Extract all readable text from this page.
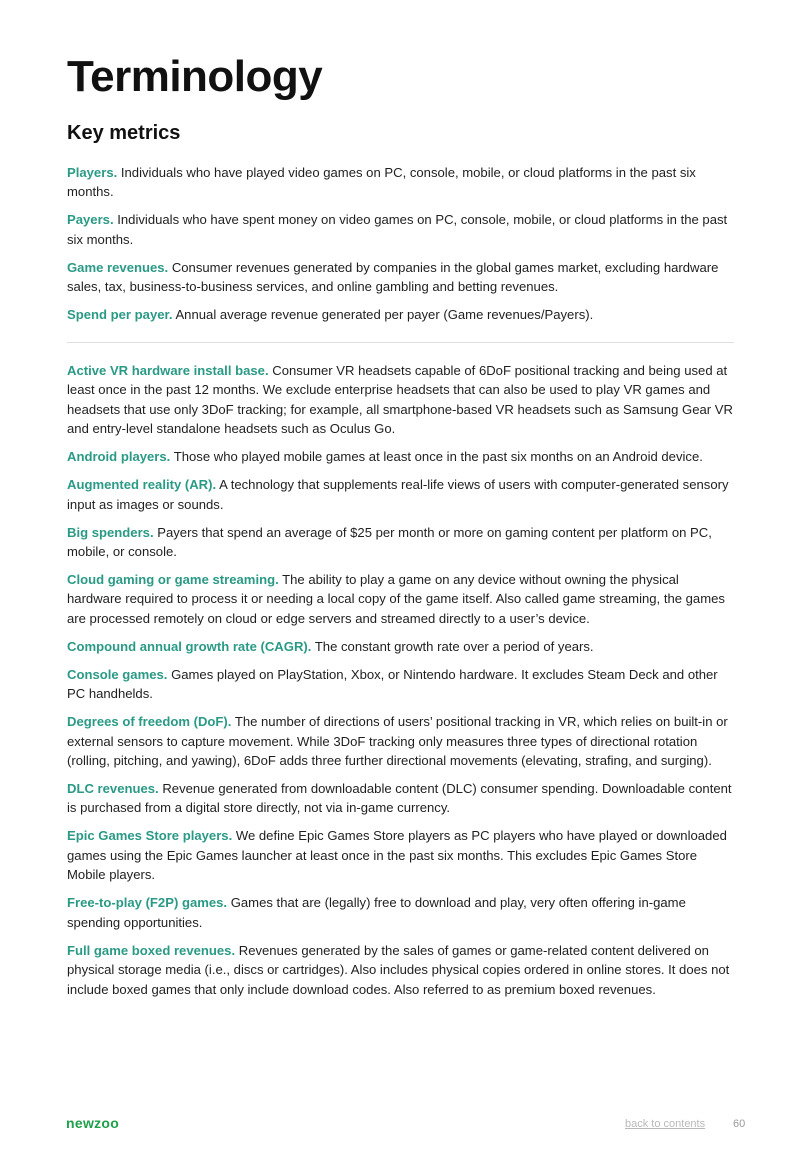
Terminology
Key metrics

Players. Individuals who have played video games on PC, console, mobile, or cloud platforms in the past six months.

Payers. Individuals who have spent money on video games on PC, console, mobile, or cloud platforms in the past six months.

Game revenues. Consumer revenues generated by companies in the global games market, excluding hardware sales, tax, business-to-business services, and online gambling and betting revenues.

Spend per payer. Annual average revenue generated per payer (Game revenues/Payers).

Active VR hardware install base. Consumer VR headsets capable of 6DoF positional tracking and being used at least once in the past 12 months. We exclude enterprise headsets that can also be used to play VR games and headsets that use only 3DoF tracking; for example, all smartphone-based VR headsets such as Samsung Gear VR and entry-level standalone headsets such as Oculus Go.

Android players. Those who played mobile games at least once in the past six months on an Android device.

Augmented reality (AR). A technology that supplements real-life views of users with computer-generated sensory input as images or sounds.

Big spenders. Payers that spend an average of $25 per month or more on gaming content per platform on PC, mobile, or console.

Cloud gaming or game streaming. The ability to play a game on any device without owning the physical hardware required to process it or needing a local copy of the game itself. Also called game streaming, the games are processed remotely on cloud or edge servers and streamed directly to a user’s device.

Compound annual growth rate (CAGR). The constant growth rate over a period of years.

Console games. Games played on PlayStation, Xbox, or Nintendo hardware. It excludes Steam Deck and other PC handhelds.

Degrees of freedom (DoF). The number of directions of users’ positional tracking in VR, which relies on built-in or external sensors to capture movement. While 3DoF tracking only measures three types of directional rotation (rolling, pitching, and yawing), 6DoF adds three further directional movements (elevating, strafing, and surging).

DLC revenues. Revenue generated from downloadable content (DLC) consumer spending. Downloadable content is purchased from a digital store directly, not via in-game currency.

Epic Games Store players. We define Epic Games Store players as PC players who have played or downloaded games using the Epic Games launcher at least once in the past six months. This excludes Epic Games Store Mobile players.

Free-to-play (F2P) games. Games that are (legally) free to download and play, very often offering in-game spending opportunities.

Full game boxed revenues. Revenues generated by the sales of games or game-related content delivered on physical storage media (i.e., discs or cartridges). Also includes physical copies ordered in online stores. It does not include boxed games that only include download codes. Also referred to as premium boxed revenues.

newzoo	back to contents	60
